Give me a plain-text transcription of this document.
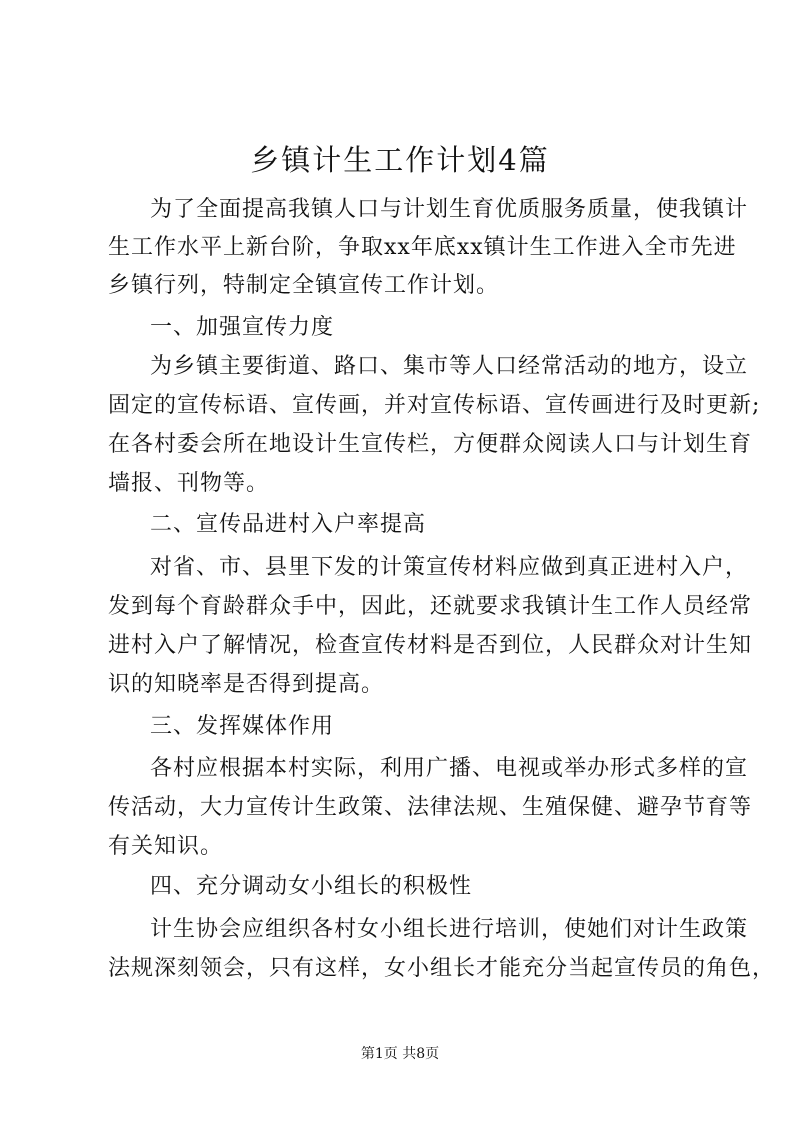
乡镇计生工作计划4篇

为了全面提高我镇人口与计划生育优质服务质量，使我镇计

生工作水平上新台阶，争取xx年底xx镇计生工作进入全市先进

乡镇行列，特制定全镇宣传工作计划。

一、加强宣传力度

为乡镇主要街道、路口、集市等人口经常活动的地方，设立

固定的宣传标语、宣传画，并对宣传标语、宣传画进行及时更新;

在各村委会所在地设计生宣传栏，方便群众阅读人口与计划生育

墙报、刊物等。

二、宣传品进村入户率提高

对省、市、县里下发的计策宣传材料应做到真正进村入户，

发到每个育龄群众手中，因此，还就要求我镇计生工作人员经常

进村入户了解情况，检查宣传材料是否到位，人民群众对计生知

识的知晓率是否得到提高。

三、发挥媒体作用

各村应根据本村实际，利用广播、电视或举办形式多样的宣

传活动，大力宣传计生政策、法律法规、生殖保健、避孕节育等

有关知识。

四、充分调动女小组长的积极性

计生协会应组织各村女小组长进行培训，使她们对计生政策

法规深刻领会，只有这样，女小组长才能充分当起宣传员的角色，

第1页 共8页
